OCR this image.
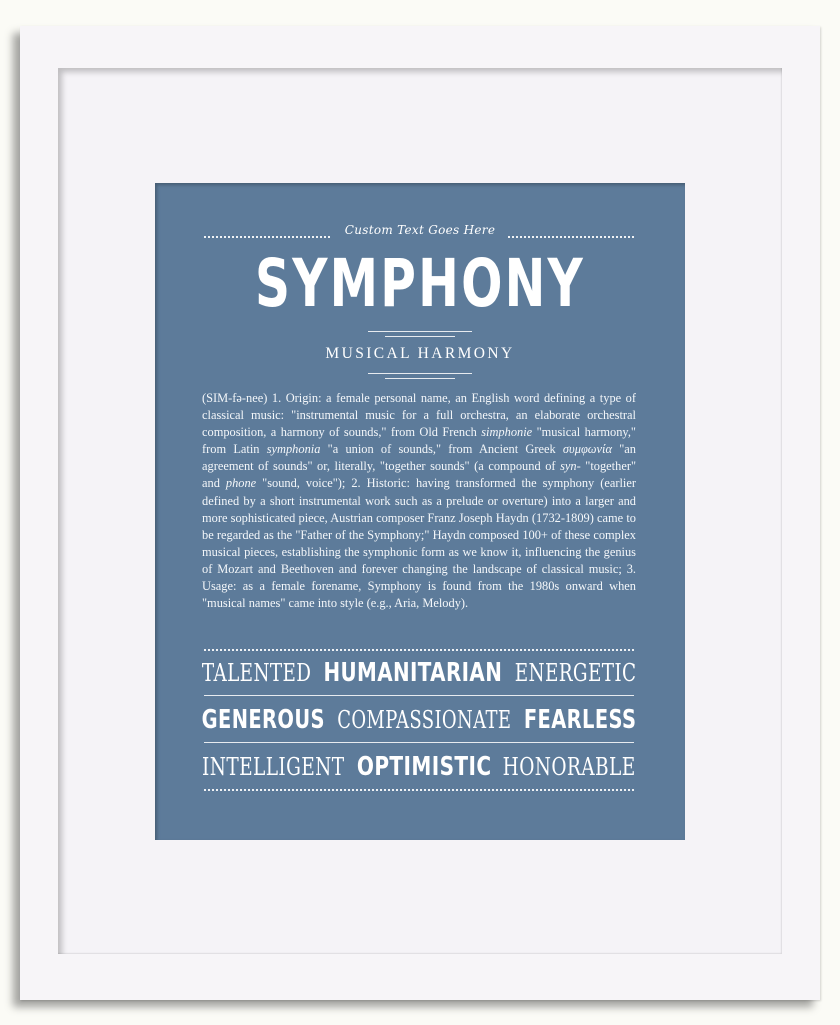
Custom Text Goes Here
SYMPHONY
MUSICAL HARMONY
(SIM-fə-nee) 1. Origin: a female personal name, an English word defining a type of classical music: "instrumental music for a full orchestra, an elaborate orchestral composition, a harmony of sounds," from Old French simphonie "musical harmony," from Latin symphonia "a union of sounds," from Ancient Greek συμφωνία "an agreement of sounds" or, literally, "together sounds" (a compound of syn- "together" and phone "sound, voice"); 2. Historic: having transformed the symphony (earlier defined by a short instrumental work such as a prelude or overture) into a larger and more sophisticated piece, Austrian composer Franz Joseph Haydn (1732-1809) came to be regarded as the "Father of the Symphony;" Haydn composed 100+ of these complex musical pieces, establishing the symphonic form as we know it, influencing the genius of Mozart and Beethoven and forever changing the landscape of classical music; 3. Usage: as a female forename, Symphony is found from the 1980s onward when "musical names" came into style (e.g., Aria, Melody).
TALENTED HUMANITARIAN ENERGETIC
GENEROUS COMPASSIONATE FEARLESS
INTELLIGENT OPTIMISTIC HONORABLE
